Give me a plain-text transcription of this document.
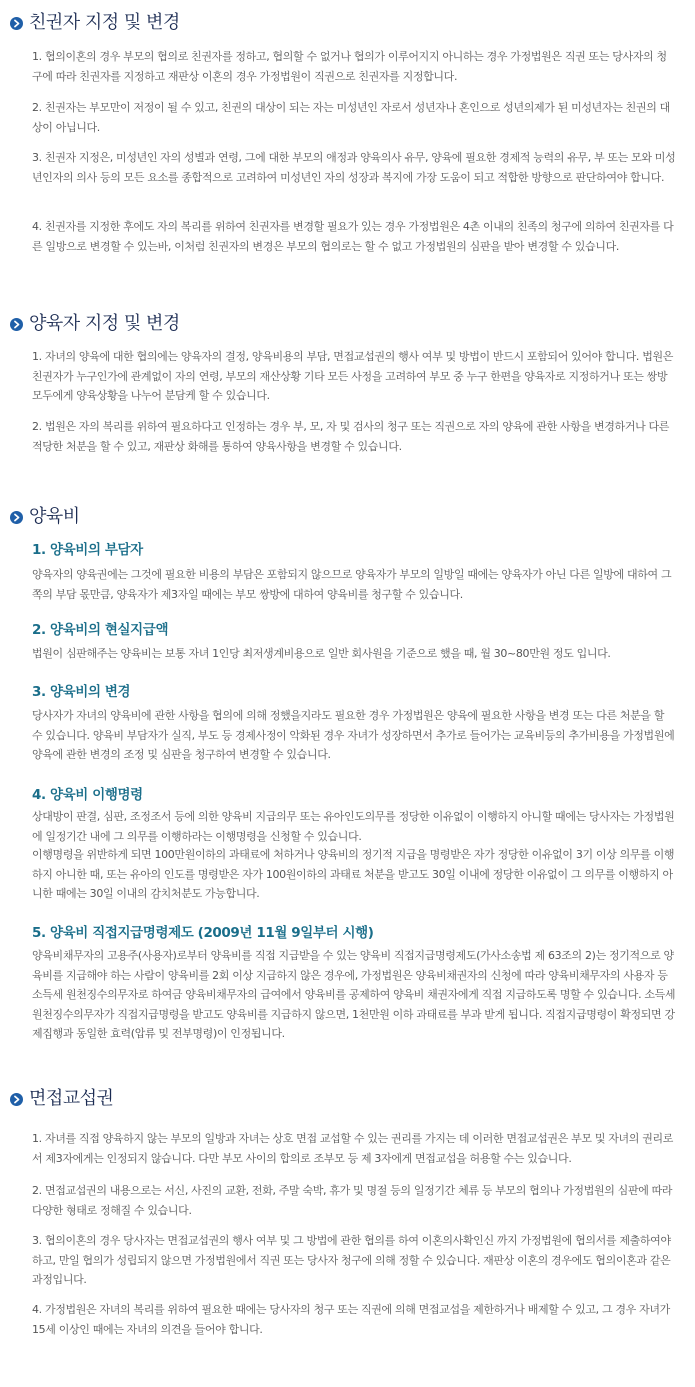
친권자 지정 및 변경

1. 협의이혼의 경우 부모의 협의로 친권자를 정하고, 협의할 수 없거나 협의가 이루어지지 아니하는 경우 가정법원은 직권 또는 당사자의 청구에 따라 친권자를 지정하고 재판상 이혼의 경우 가정법원이 직권으로 친권자를 지정합니다.

2. 친권자는 부모만이 저정이 될 수 있고, 친권의 대상이 되는 자는 미성년인 자로서 성년자나 혼인으로 성년의제가 된 미성년자는 친권의 대상이 아닙니다.

3. 친권자 지정은, 미성년인 자의 성별과 연령, 그에 대한 부모의 애정과 양육의사 유무, 양육에 필요한 경제적 능력의 유무, 부 또는 모와 미성년인자의 의사 등의 모든 요소를 종합적으로 고려하여 미성년인 자의 성장과 복지에 가장 도움이 되고 적합한 방향으로 판단하여야 합니다.

4. 친권자를 지정한 후에도 자의 복리를 위하여 친권자를 변경할 필요가 있는 경우 가정법원은 4촌 이내의 친족의 청구에 의하여 친권자를 다른 일방으로 변경할 수 있는바, 이처럼 친권자의 변경은 부모의 협의로는 할 수 없고 가정법원의 심판을 받아 변경할 수 있습니다.

양육자 지정 및 변경

1. 자녀의 양육에 대한 협의에는 양육자의 결정, 양육비용의 부담, 면접교섭권의 행사 여부 및 방법이 반드시 포함되어 있어야 합니다. 법원은 친권자가 누구인가에 관계없이 자의 연령, 부모의 재산상황 기타 모든 사정을 고려하여 부모 중 누구 한편을 양육자로 지정하거나 또는 쌍방 모두에게 양육상황을 나누어 분담케 할 수 있습니다.

2. 법원은 자의 복리를 위하여 필요하다고 인정하는 경우 부, 모, 자 및 검사의 청구 또는 직권으로 자의 양육에 관한 사항을 변경하거나 다른 적당한 처분을 할 수 있고, 재판상 화해를 통하여 양육사항을 변경할 수 있습니다.

양육비
1. 양육비의 부담자

양육자의 양육권에는 그것에 필요한 비용의 부담은 포함되지 않으므로 양육자가 부모의 일방일 때에는 양육자가 아닌 다른 일방에 대하여 그 쪽의 부담 몫만큼, 양육자가 제3자일 때에는 부모 쌍방에 대하여 양육비를 청구할 수 있습니다.

2. 양육비의 현실지급액

법원이 심판해주는 양육비는 보통 자녀 1인당 최저생계비용으로 일반 회사원을 기준으로 했을 때, 월 30~80만원 정도 입니다.

3. 양육비의 변경

당사자가 자녀의 양육비에 관한 사항을 협의에 의해 정했을지라도 필요한 경우 가정법원은 양육에 필요한 사항을 변경 또는 다른 처분을 할 수 있습니다. 양육비 부담자가 실직, 부도 등 경제사정이 악화된 경우 자녀가 성장하면서 추가로 들어가는 교육비등의 추가비용을 가정법원에 양육에 관한 변경의 조정 및 심판을 청구하여 변경할 수 있습니다.

4. 양육비 이행명령

상대방이 판결, 심판, 조정조서 등에 의한 양육비 지급의무 또는 유아인도의무를 정당한 이유없이 이행하지 아니할 때에는 당사자는 가정법원에 일정기간 내에 그 의무를 이행하라는 이행명령을 신청할 수 있습니다.

이행명령을 위반하게 되면 100만원이하의 과태료에 처하거나 양육비의 정기적 지급을 명령받은 자가 정당한 이유없이 3기 이상 의무를 이행하지 아니한 때, 또는 유아의 인도를 명령받은 자가 100원이하의 과태료 처분을 받고도 30일 이내에 정당한 이유없이 그 의무를 이행하지 아니한 때에는 30일 이내의 감치처분도 가능합니다.

5. 양육비 직접지급명령제도 (2009년 11월 9일부터 시행)

양육비채무자의 고용주(사용자)로부터 양육비를 직접 지급받을 수 있는 양육비 직접지급명령제도(가사소송법 제 63조의 2)는 정기적으로 양육비를 지급해야 하는 사람이 양육비를 2회 이상 지급하지 않은 경우에, 가정법원은 양육비채권자의 신청에 따라 양육비채무자의 사용자 등 소득세 원천징수의무자로 하여금 양육비채무자의 급여에서 양육비를 공제하여 양육비 채권자에게 직접 지급하도록 명할 수 있습니다. 소득세 원천징수의무자가 직접지급명령을 받고도 양육비를 지급하지 않으면, 1천만원 이하 과태료를 부과 받게 됩니다. 직접지급명령이 확정되면 강제집행과 동일한 효력(압류 및 전부명령)이 인정됩니다.

면접교섭권

1. 자녀를 직접 양육하지 않는 부모의 일방과 자녀는 상호 면접 교섭할 수 있는 권리를 가지는 데 이러한 면접교섭권은 부모 및 자녀의 권리로서 제3자에게는 인정되지 않습니다. 다만 부모 사이의 합의로 조부모 등 제 3자에게 면접교섭을 허용할 수는 있습니다.

2. 면접교섭권의 내용으로는 서신, 사진의 교환, 전화, 주말 숙박, 휴가 및 명절 등의 일정기간 체류 등 부모의 협의나 가정법원의 심판에 따라 다양한 형태로 정해질 수 있습니다.

3. 협의이혼의 경우 당사자는 면접교섭권의 행사 여부 및 그 방법에 관한 협의를 하여 이혼의사확인신 까지 가정법원에 협의서를 제출하여야 하고, 만일 협의가 성립되지 않으면 가정법원에서 직권 또는 당사자 청구에 의해 정할 수 있습니다. 재판상 이혼의 경우에도 협의이혼과 같은 과정입니다.

4. 가정법원은 자녀의 복리를 위하여 필요한 때에는 당사자의 청구 또는 직권에 의해 면접교섭을 제한하거나 배제할 수 있고, 그 경우 자녀가 15세 이상인 때에는 자녀의 의견을 들어야 합니다.
